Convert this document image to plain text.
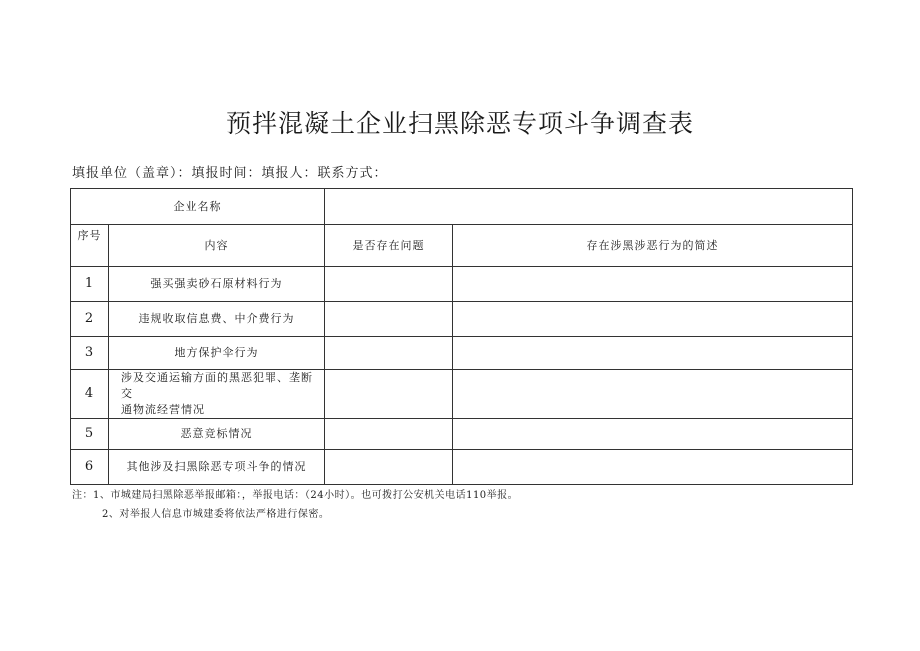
预拌混凝土企业扫黑除恶专项斗争调查表
填报单位（盖章）：填报时间：填报人：联系方式：
企业名称			
序号	内容	是否存在问题	存在涉黑涉恶行为的简述
1	强买强卖砂石原材料行为		
2	违规收取信息费、中介费行为		
3	地方保护伞行为		
4	涉及交通运输方面的黑恶犯罪、垄断交
通物流经营情况		

5	恶意竞标情况		
6	其他涉及扫黑除恶专项斗争的情况		
注：1、市城建局扫黑除恶举报邮箱：，举报电话：（24小时）。也可拨打公安机关电话110举报。
2、对举报人信息市城建委将依法严格进行保密。
